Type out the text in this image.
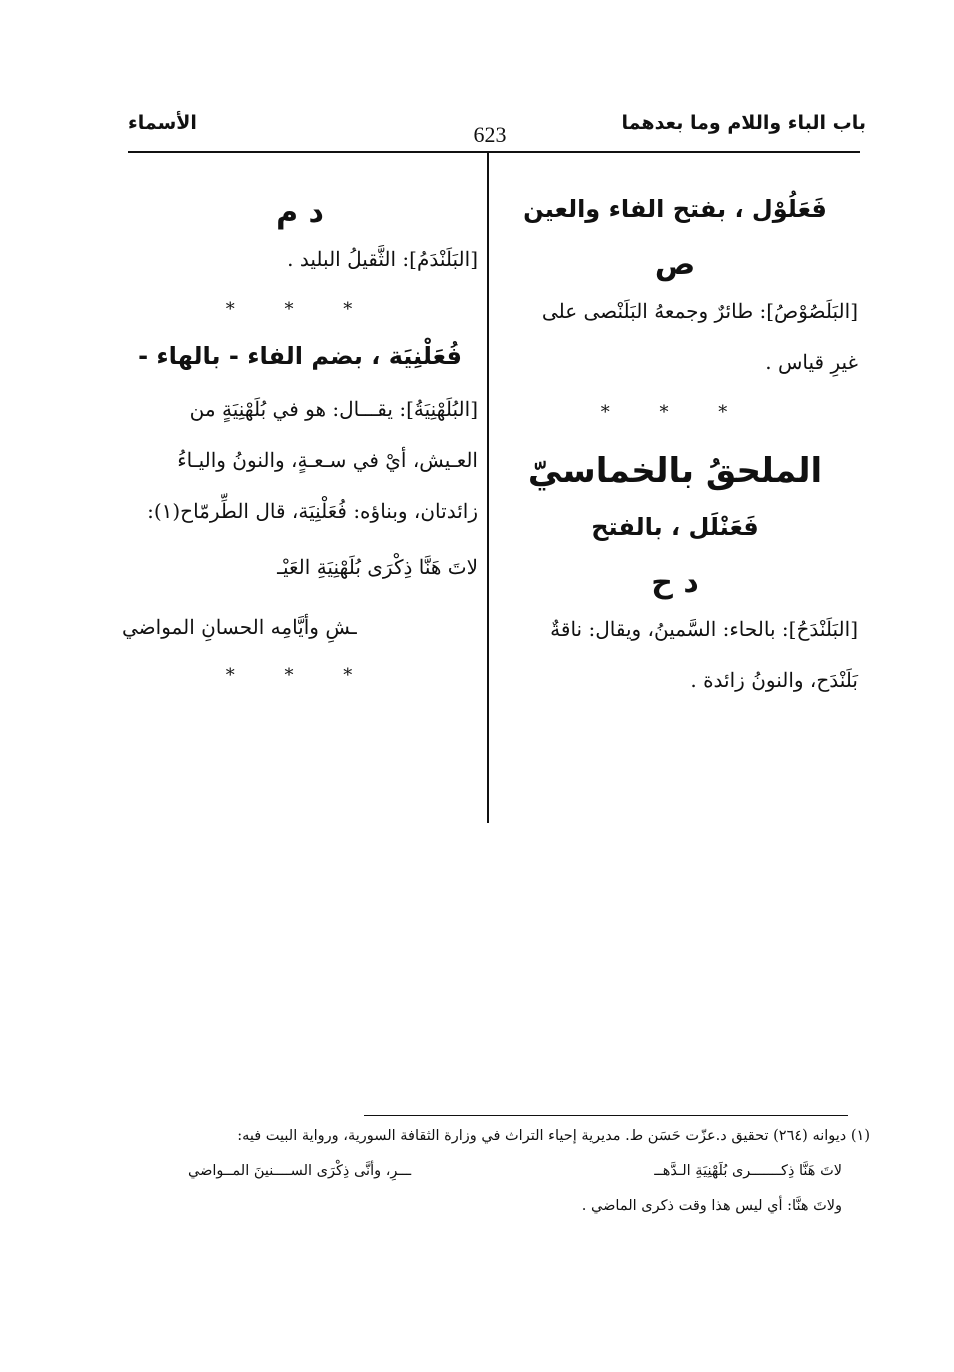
باب الباء واللام وما بعدهما
623
الأسماء

فَعَلُوْل ، بفتح الفاء والعين

ص

[البَلَصُوْصُ]: طائرٌ وجمعهُ البَلَنْصى على

غيرِ قياس .

* * *

الملحقُ بالخماسيّ

فَعَنْلَل ، بالفتح

د ح

[البَلَنْدَحُ]: بالحاء: السَّمينُ، ويقال: ناقةٌ

بَلَنْدَح، والنونُ زائدة .

د م

[البَلَنْدَمُ]: الثَّقيلُ البليد .

* * *

فُعَلْنِيَة ، بضم الفاء - بالهاء -

[البُلَهْنِيَةُ]: يقـــال: هو في بُلَهْنِيَةٍ من

العـيش، أيْ في سـعـةٍ، والنونُ واليـاءُ

زائدتان، وبناؤه: فُعَلْنِيَة، قال الطِّرمّاح(١):

لاتَ هَنَّا ذِكْرَى بُلَهْنِيَةِ العَيْـ

ـشِ وأيَّامِه الحسانِ المواضي

* * *

(١) ديوانه (٢٦٤) تحقيق د.عزّت حَسَن ط. مديرية إحياء التراث في وزارة الثقافة السورية، ورواية البيت فيه:
لاتَ هَنَّا ذِكـــــــرى بُلَهْنِيَةِ الـدَّهــ
ـــرِ، وأنَّى ذِكْرَى الســــنينَ المــواضي
ولاتَ هنَّا: أي ليس هذا وقت ذكرى الماضي .
